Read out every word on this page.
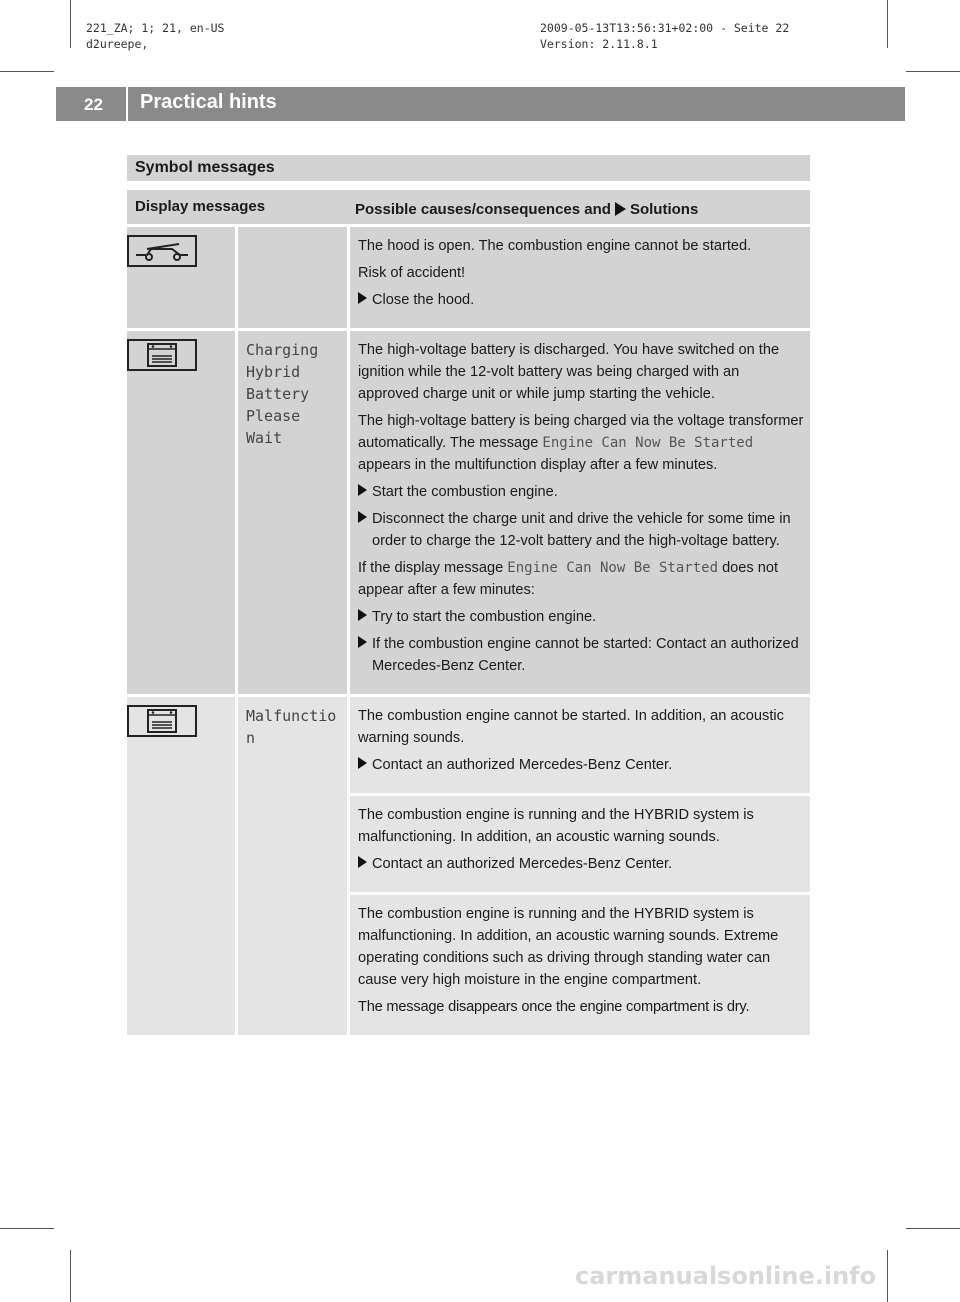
221_ZA; 1; 21, en-US
d2ureepe,
2009-05-13T13:56:31+02:00 - Seite 22
Version: 2.11.8.1
22 Practical hints
Symbol messages
Display messages	Possible causes/consequences and Solutions

The hood is open. The combustion engine cannot be started.

Risk of accident!

Close the hood.
Charging Hybrid Battery Please Wait

The high-voltage battery is discharged. You have switched on the ignition while the 12-volt battery was being charged with an approved charge unit or while jump starting the vehicle.

The high-voltage battery is being charged via the voltage transformer automatically. The message Engine Can Now Be Started appears in the multifunction display after a few minutes.

Start the combustion engine.
Disconnect the charge unit and drive the vehicle for some time in order to charge the 12-volt battery and the high-voltage battery.

If the display message Engine Can Now Be Started does not appear after a few minutes:

Try to start the combustion engine.
If the combustion engine cannot be started: Contact an authorized Mercedes-Benz Center.
Malfunctio n

The combustion engine cannot be started. In addition, an acoustic warning sounds.

Contact an authorized Mercedes-Benz Center.

The combustion engine is running and the HYBRID system is malfunctioning. In addition, an acoustic warning sounds.

Contact an authorized Mercedes-Benz Center.

The combustion engine is running and the HYBRID system is malfunctioning. In addition, an acoustic warning sounds. Extreme operating conditions such as driving through standing water can cause very high moisture in the engine compartment.

The message disappears once the engine compartment is dry.

carmanualsonline.info
